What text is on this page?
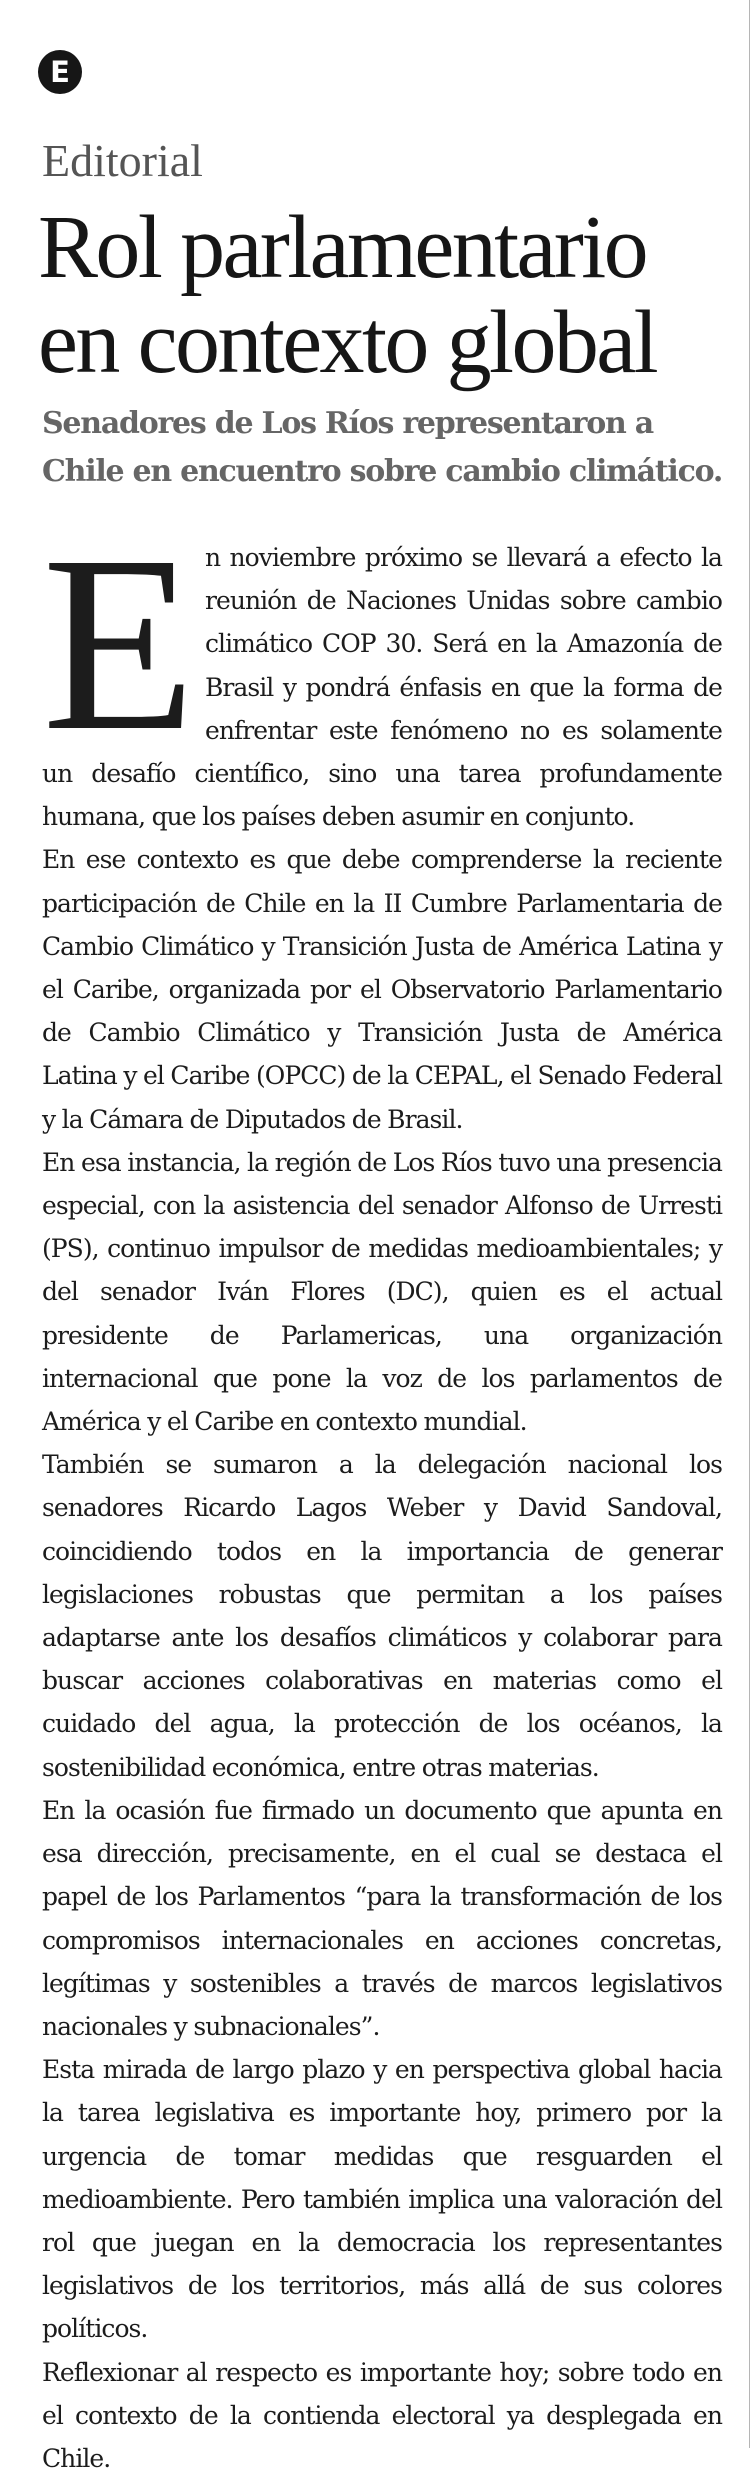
E
Editorial
Rol parlamentario en contexto global

Senadores de Los Ríos representaron a Chile en encuentro sobre cambio climático.

En noviembre próximo se llevará a efecto la reunión de Naciones Unidas sobre cambio climático COP 30. Será en la Amazonía de Brasil y pondrá énfasis en que la forma de enfrentar este fenómeno no es solamente un desafío científico, sino una tarea profundamente humana, que los países deben asumir en conjunto.

En ese contexto es que debe comprenderse la reciente participación de Chile en la II Cumbre Parlamentaria de Cambio Climático y Transición Justa de América Latina y el Caribe, organizada por el Observatorio Parlamentario de Cambio Climático y Transición Justa de América Latina y el Caribe (OPCC) de la CEPAL, el Senado Federal y la Cámara de Diputados de Brasil.

En esa instancia, la región de Los Ríos tuvo una presencia especial, con la asistencia del senador Alfonso de Urresti (PS), continuo impulsor de medidas medioambientales; y del senador Iván Flores (DC), quien es el actual presidente de Parlamericas, una organización internacional que pone la voz de los parlamentos de América y el Caribe en contexto mundial.

También se sumaron a la delegación nacional los senadores Ricardo Lagos Weber y David Sandoval, coincidiendo todos en la importancia de generar legislaciones robustas que permitan a los países adaptarse ante los desafíos climáticos y colaborar para buscar acciones colaborativas en materias como el cuidado del agua, la protección de los océanos, la sostenibilidad económica, entre otras materias.

En la ocasión fue firmado un documento que apunta en esa dirección, precisamente, en el cual se destaca el papel de los Parlamentos “para la transformación de los compromisos internacionales en acciones concretas, legítimas y sostenibles a través de marcos legislativos nacionales y subnacionales”.

Esta mirada de largo plazo y en perspectiva global hacia la tarea legislativa es importante hoy, primero por la urgencia de tomar medidas que resguarden el medioambiente. Pero también implica una valoración del rol que juegan en la democracia los representantes legislativos de los territorios, más allá de sus colores políticos.

Reflexionar al respecto es importante hoy; sobre todo en el contexto de la contienda electoral ya desplegada en Chile.
